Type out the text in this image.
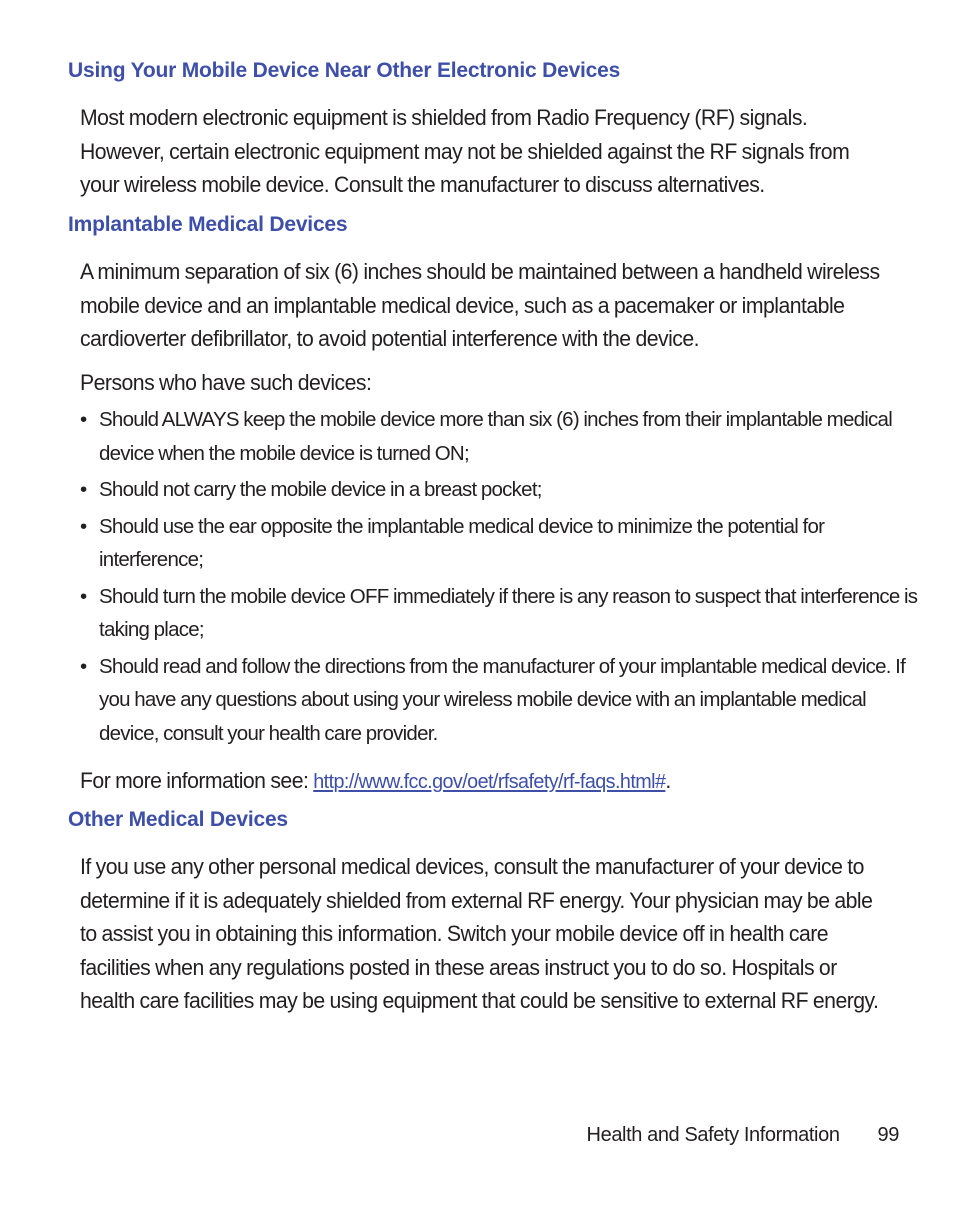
Using Your Mobile Device Near Other Electronic Devices

Most modern electronic equipment is shielded from Radio Frequency (RF) signals. However, certain electronic equipment may not be shielded against the RF signals from your wireless mobile device. Consult the manufacturer to discuss alternatives.

Implantable Medical Devices

A minimum separation of six (6) inches should be maintained between a handheld wireless mobile device and an implantable medical device, such as a pacemaker or implantable cardioverter defibrillator, to avoid potential interference with the device.

Persons who have such devices:

• Should ALWAYS keep the mobile device more than six (6) inches from their implantable medical device when the mobile device is turned ON;
• Should not carry the mobile device in a breast pocket;
• Should use the ear opposite the implantable medical device to minimize the potential for interference;
• Should turn the mobile device OFF immediately if there is any reason to suspect that interference is taking place;
• Should read and follow the directions from the manufacturer of your implantable medical device. If you have any questions about using your wireless mobile device with an implantable medical device, consult your health care provider.

For more information see: http://www.fcc.gov/oet/rfsafety/rf-faqs.html#.

Other Medical Devices

If you use any other personal medical devices, consult the manufacturer of your device to determine if it is adequately shielded from external RF energy. Your physician may be able to assist you in obtaining this information. Switch your mobile device off in health care facilities when any regulations posted in these areas instruct you to do so. Hospitals or health care facilities may be using equipment that could be sensitive to external RF energy.

Health and Safety Information 99
